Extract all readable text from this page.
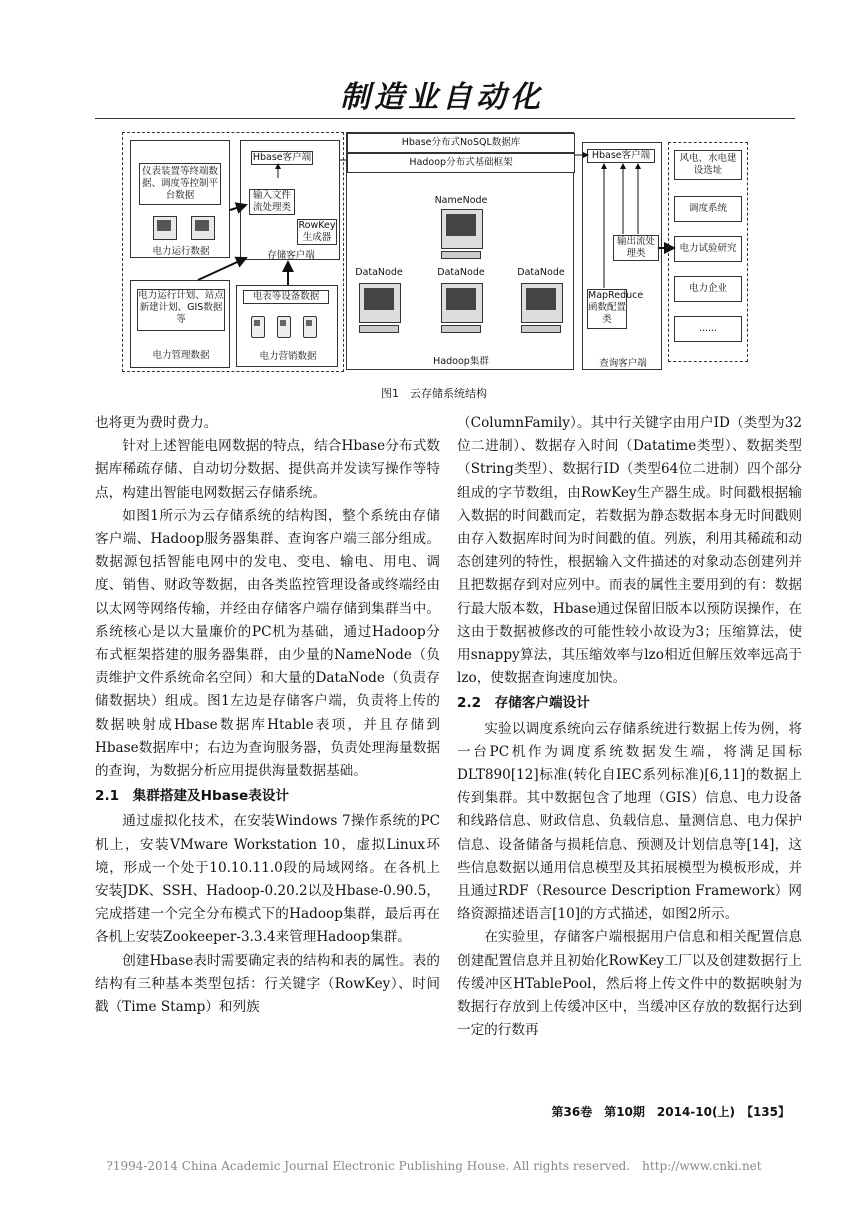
制造业自动化
仪表装置等终端数据、调度等控制平台数据
电力运行数据
Hbase客户端
输入文件流处理类
RowKey生成器
存储客户端
电力运行计划、站点新建计划、GIS数据等
电力管理数据
电表等设备数据
电力营销数据
Hbase分布式NoSQL数据库
Hadoop分布式基础框架
NameNode
DataNode	DataNode	DataNode
Hadoop集群
Hbase客户端
输出流处理类
MapReduce函数配置类
查询客户端
风电、水电建设选址
调度系统
电力试验研究
电力企业
......
图1　云存储系统结构

也将更为费时费力。

针对上述智能电网数据的特点，结合Hbase分布式数据库稀疏存储、自动切分数据、提供高并发读写操作等特点，构建出智能电网数据云存储系统。

如图1所示为云存储系统的结构图，整个系统由存储客户端、Hadoop服务器集群、查询客户端三部分组成。数据源包括智能电网中的发电、变电、输电、用电、调度、销售、财政等数据，由各类监控管理设备或终端经由以太网等网络传输，并经由存储客户端存储到集群当中。系统核心是以大量廉价的PC机为基础，通过Hadoop分布式框架搭建的服务器集群，由少量的NameNode（负责维护文件系统命名空间）和大量的DataNode（负责存储数据块）组成。图1左边是存储客户端，负责将上传的数据映射成Hbase数据库Htable表项，并且存储到Hbase数据库中；右边为查询服务器，负责处理海量数据的查询，为数据分析应用提供海量数据基础。

2.1　集群搭建及Hbase表设计

通过虚拟化技术，在安装Windows 7操作系统的PC机上，安装VMware Workstation 10，虚拟Linux环境，形成一个处于10.10.11.0段的局域网络。在各机上安装JDK、SSH、Hadoop-0.20.2以及Hbase-0.90.5，完成搭建一个完全分布模式下的Hadoop集群，最后再在各机上安装Zookeeper-3.3.4来管理Hadoop集群。

创建Hbase表时需要确定表的结构和表的属性。表的结构有三种基本类型包括：行关键字（RowKey）、时间戳（Time Stamp）和列族

（ColumnFamily）。其中行关键字由用户ID（类型为32位二进制）、数据存入时间（Datatime类型）、数据类型（String类型）、数据行ID（类型64位二进制）四个部分组成的字节数组，由RowKey生产器生成。时间戳根据输入数据的时间戳而定，若数据为静态数据本身无时间戳则由存入数据库时间为时间戳的值。列族，利用其稀疏和动态创建列的特性，根据输入文件描述的对象动态创建列并且把数据存到对应列中。而表的属性主要用到的有：数据行最大版本数，Hbase通过保留旧版本以预防误操作，在这由于数据被修改的可能性较小故设为3；压缩算法，使用snappy算法，其压缩效率与lzo相近但解压效率远高于lzo，使数据查询速度加快。

2.2　存储客户端设计

实验以调度系统向云存储系统进行数据上传为例，将一台PC机作为调度系统数据发生端，将满足国标DLT890[12]标准(转化自IEC系列标准)[6,11]的数据上传到集群。其中数据包含了地理（GIS）信息、电力设备和线路信息、财政信息、负载信息、量测信息、电力保护信息、设备储备与损耗信息、预测及计划信息等[14]，这些信息数据以通用信息模型及其拓展模型为模板形成，并且通过RDF（Resource Description Framework）网络资源描述语言[10]的方式描述，如图2所示。

在实验里，存储客户端根据用户信息和相关配置信息创建配置信息并且初始化RowKey工厂以及创建数据行上传缓冲区HTablePool，然后将上传文件中的数据映射为数据行存放到上传缓冲区中，当缓冲区存放的数据行达到一定的行数再

第36卷　第10期　2014-10(上)　【135】
?1994-2014 China Academic Journal Electronic Publishing House. All rights reserved.　http://www.cnki.net
